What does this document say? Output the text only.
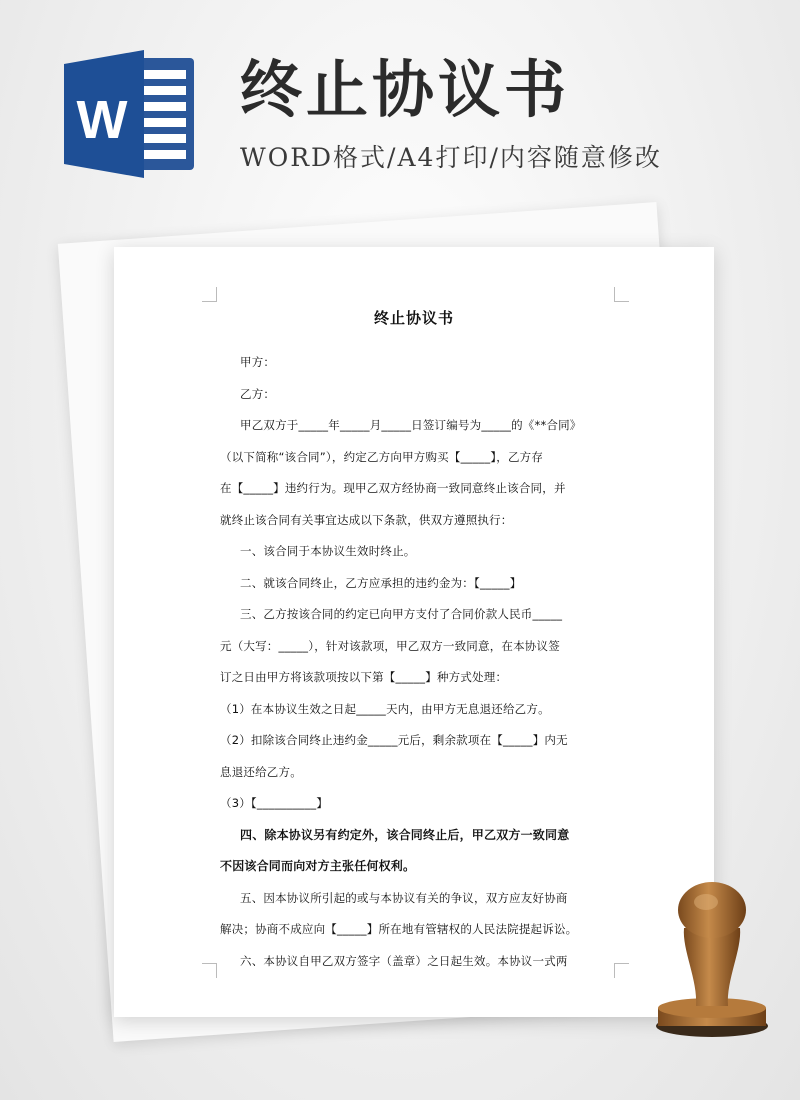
W 终止协议书
WORD格式/A4打印/内容随意修改
终止协议书
甲方：
乙方：
甲乙双方于_____年_____月_____日签订编号为_____的《**合同》
（以下简称“该合同”），约定乙方向甲方购买【_____】，乙方存
在【_____】违约行为。现甲乙双方经协商一致同意终止该合同，并
就终止该合同有关事宜达成以下条款，供双方遵照执行：
一、该合同于本协议生效时终止。
二、就该合同终止，乙方应承担的违约金为：【_____】
三、乙方按该合同的约定已向甲方支付了合同价款人民币_____
元（大写：_____），针对该款项，甲乙双方一致同意，在本协议签
订之日由甲方将该款项按以下第【_____】种方式处理：
（1）在本协议生效之日起_____天内，由甲方无息退还给乙方。
（2）扣除该合同终止违约金_____元后，剩余款项在【_____】内无
息退还给乙方。
（3）【__________】
四、除本协议另有约定外，该合同终止后，甲乙双方一致同意
不因该合同而向对方主张任何权利。
五、因本协议所引起的或与本协议有关的争议，双方应友好协商
解决；协商不成应向【_____】所在地有管辖权的人民法院提起诉讼。
六、本协议自甲乙双方签字（盖章）之日起生效。本协议一式两
